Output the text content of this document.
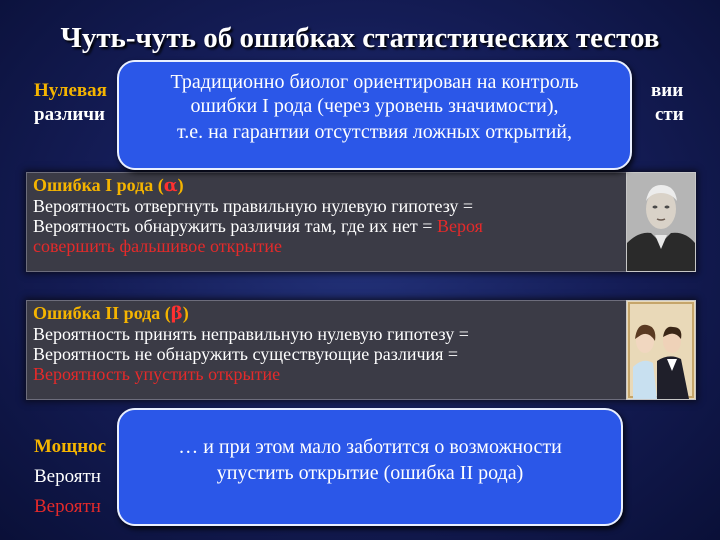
Чуть-чуть об ошибках статистических тестов
Нулевая	вии
различи	сти
Ошибка I рода (α)
Вероятность отвергнуть правильную нулевую гипотезу =
Вероятность обнаружить различия там, где их нет = Вероя
совершить фальшивое открытие
Ошибка II рода (β)
Вероятность принять неправильную нулевую гипотезу =
Вероятность не обнаружить существующие различия =
Вероятность упустить открытие
Мощнос
Вероятн
Вероятн
Традиционно биолог ориентирован на контроль
ошибки I рода (через уровень значимости),
т.е. на гарантии отсутствия ложных открытий,
… и при этом мало заботится о возможности
упустить открытие (ошибка II рода)
